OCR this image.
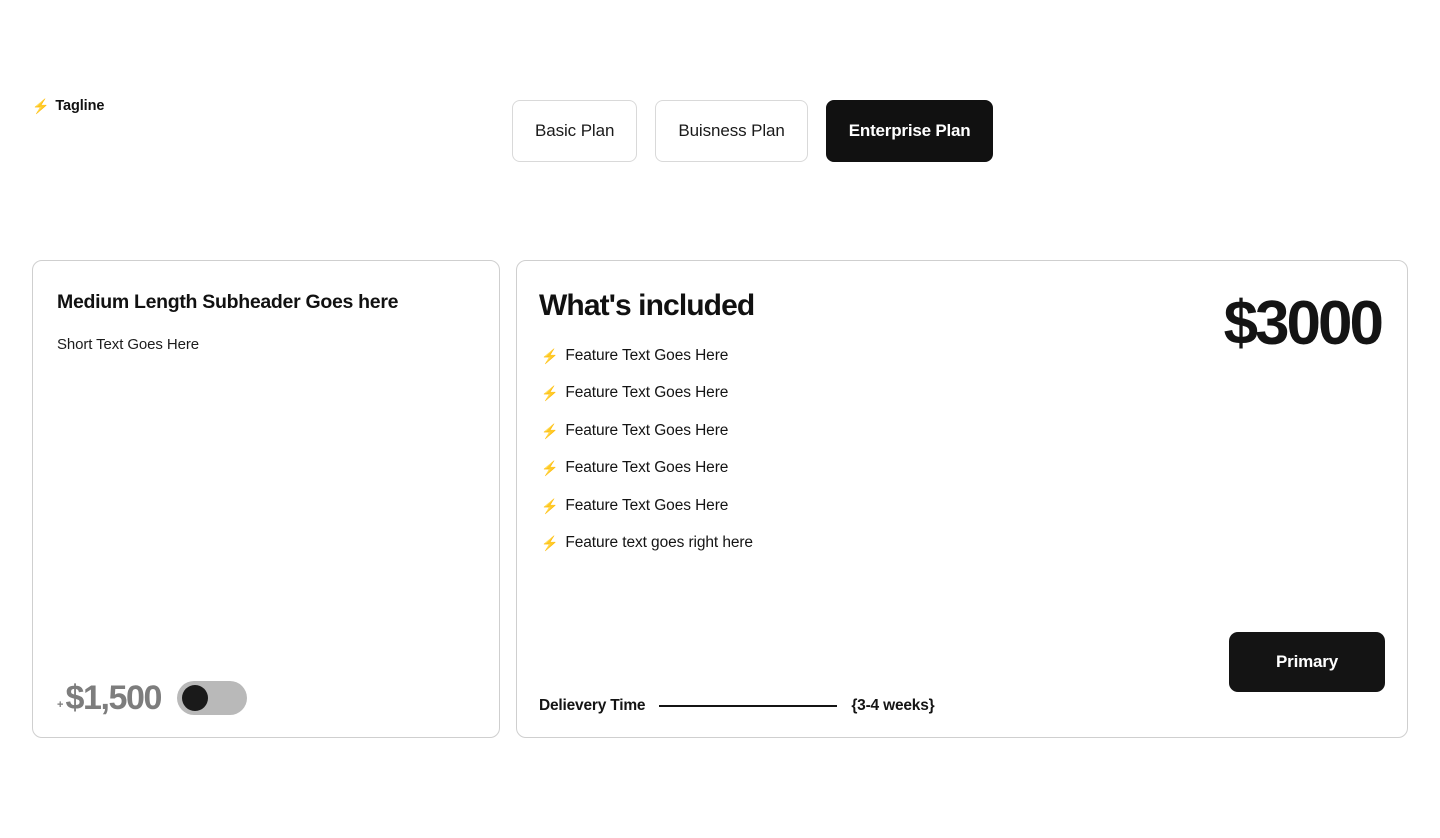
⚡ Tagline
Basic Plan	Buisness Plan	Enterprise Plan
Medium Length Subheader Goes here

Short Text Goes Here

+ $1,500
What's included
⚡ Feature Text Goes Here
⚡ Feature Text Goes Here
⚡ Feature Text Goes Here
⚡ Feature Text Goes Here
⚡ Feature Text Goes Here
⚡ Feature text goes right here
$3000
Delievery Time	{3-4 weeks}
Primary
